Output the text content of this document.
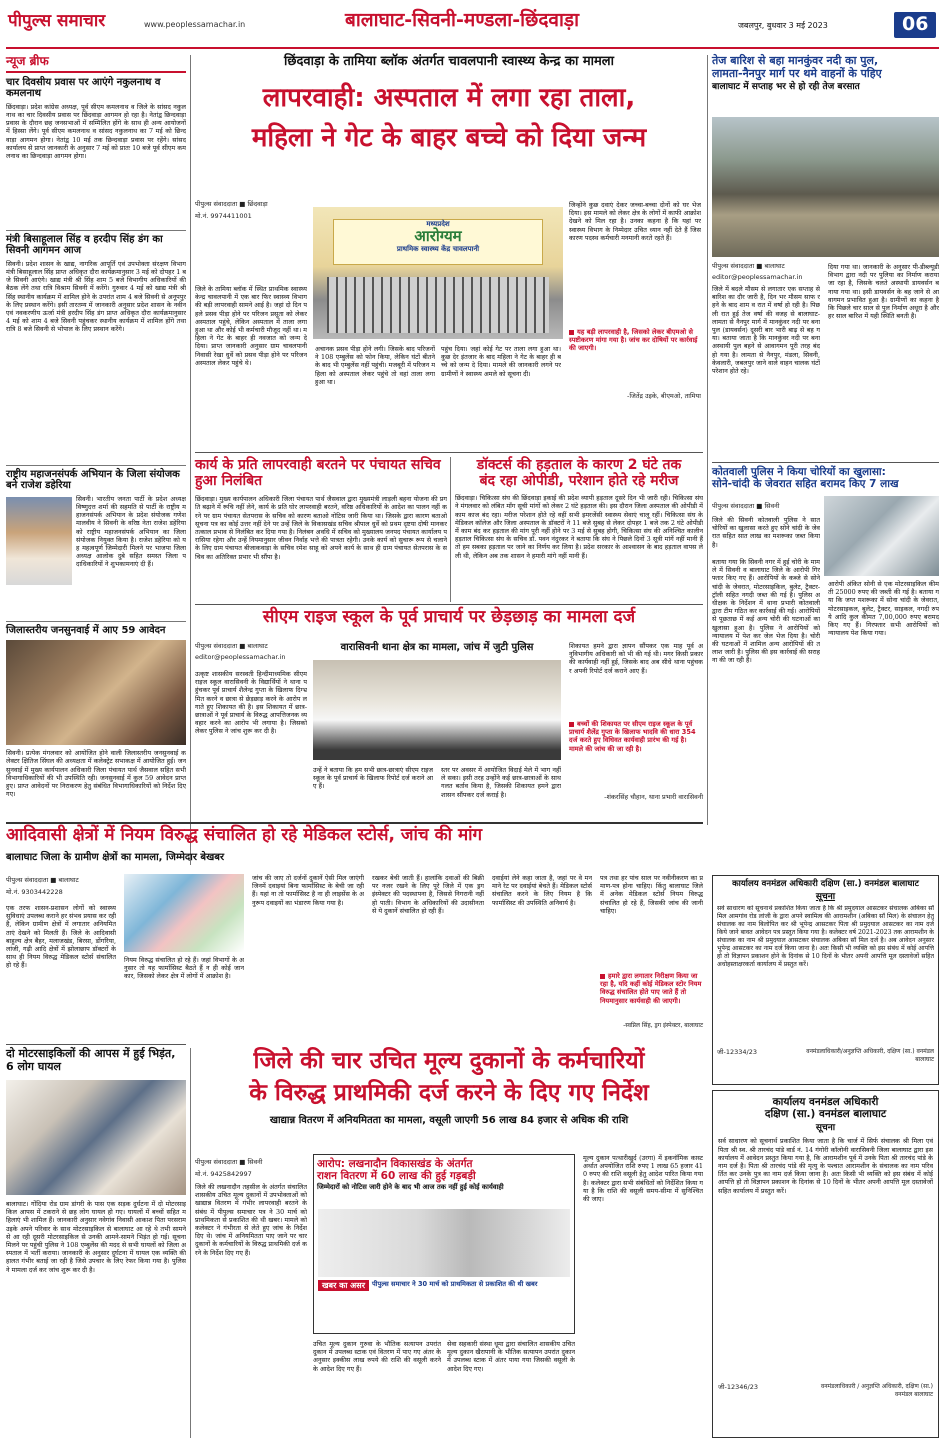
पीपुल्स समाचार	www.peoplessamachar.in	बालाघाट-सिवनी-मण्डला-छिंदवाड़ा	जबलपुर, बुधवार 3 मई 2023	06
न्यूज ब्रीफ
चार दिवसीय प्रवास पर आएंगे नकुलनाथ व कमलनाथ
छिंदवाड़ा। प्रदेश कांग्रेस अध्यक्ष, पूर्व सीएम कमलनाथ व जिले के सांसद नकुलनाथ का चार दिवसीय प्रवास पर छिंदवाड़ा आगमन हो रहा है। नेतांद्व छिन्दवाड़ा प्रवास के दौरान छह जनसभाओं में सम्मिलित होंगे के साथ ही अन्य आयोजनों में हिस्सा लेंगे। पूर्व सीएम कमलनाथ व सांसद नकुलनाथ का 7 मई को छिन्दवाड़ा आगमन होगा। नेतांद्व 10 मई तक छिन्दवाड़ा प्रवास पर रहेंगे। सांसद कार्यालय से प्राप्त जानकारी के अनुसार 7 मई को प्रातः 10 बजे पूर्व सीएम कमलनाथ का छिन्दवाड़ा आगमन होगा।
मंत्री बिसाहूलाल सिंह व हरदीप सिंह डंग का सिवनी आगमन आज
सिवनी। प्रदेश शासन के खाद्य, नागरिक आपूर्ति एवं उपभोक्ता संरक्षण विभाग मंत्री बिसाहूलाल सिंह प्राप्त अधिकृत दौरा कार्यक्रमानुसार 3 मई को दोपहर 1 बजे सिवनी आएंगे। खाद्य मंत्री श्री सिंह शाम 5 बजे विभागीय अधिकारियों की बैठक लेंगे तथा रात्रि विश्राम सिवनी में करेंगे। गुरुवार 4 मई को खाद्य मंत्री श्री सिंह स्थानीय कार्यक्रम में शामिल होने के उपरांत शाम 4 बजे सिवनी से अनूपपुर के लिए प्रस्थान करेंगे। इसी तारतम्य में जानकारी अनुसार प्रदेश शासन के नवीन एवं नवकरणीय ऊर्जा मंत्री हरदीप सिंह डंग प्राप्त अधिकृत दौरा कार्यक्रमानुसार 4 मई को शाम 4 बजे सिवनी पहुंचकर स्थानीय कार्यक्रम में शामिल होंगे तथा रात्रि 8 बजे सिवनी से भोपाल के लिए प्रस्थान करेंगे।
राष्ट्रीय महाजनसंपर्क अभियान के जिला संयोजक बने राजेश डहेरिया
सिवनी। भारतीय जनता पार्टी के प्रदेश अध्यक्ष विष्णुदत्त शर्मा की सहमति से पार्टी के राष्ट्रीय महाजनसंपर्क अभियान के प्रदेश संयोजक गणेश मालवीय ने सिवनी के वरिष्ठ नेता राजेश डहेरिया को राष्ट्रीय महाजनसंपर्क अभियान का जिला संयोजक नियुक्त किया है। राजेश डहेरिया को यह महत्वपूर्ण जिम्मेदारी मिलने पर भाजपा जिला अध्यक्ष आलोक दुबे सहित समस्त जिला पदाधिकारियों ने शुभकामनाएं दी हैं।
जिलास्तरीय जनसुनवाई में आए 59 आवेदन
सिवनी। प्रत्येक मंगलवार को आयोजित होने वाली जिलास्तरीय जनसुनवाई कलेक्टर क्षितिज सिंघल की अध्यक्षता में कलेक्ट्रेट सभाकक्ष में आयोजित हुई। जनसुनवाई में मुख्य कार्यपालन अधिकारी जिला पंचायत पार्थ जैसवाल सहित सभी विभागाधिकारियों की भी उपस्थिति रही। जनसुनवाई में कुल 59 आवेदन प्राप्त हुए। प्राप्त आवेदनों पर निराकरण हेतु संबंधित विभागाधिकारियों को निर्देश दिए गए।
छिंदवाड़ा के तामिया ब्लॉक अंतर्गत चावलपानी स्वास्थ्य केन्द्र का मामला
लापरवाही: अस्पताल में लगा रहा ताला,
महिला ने गेट के बाहर बच्चे को दिया जन्म
मध्यप्रदेश
आरोग्यम
प्राथमिक स्वास्थ्य केंद्र चावलपानी
पीपुल्स संवाददाता ■ छिंदवाड़ा
मो.नं. 9974411001
जिले के तामिया ब्लॉक में स्थित प्राथमिक स्वास्थ्य केन्द्र चावलपानी में एक बार फिर स्वास्थ्य विभाग की बड़ी लापरवाही सामने आई है। जहां दो दिन पहले प्रसव पीड़ा होने पर परिजन प्रसूता को लेकर अस्पताल पहुंचे, लेकिन अस्पताल में ताला लगा हुआ था और कोई भी कर्मचारी मौजूद नहीं था। महिला ने गेट के बाहर ही नवजात को जन्म दे दिया। प्राप्त जानकारी अनुसार ग्राम चावलपानी निवासी रेखा धुर्वे को प्रसव पीड़ा होने पर परिजन अस्पताल लेकर पहुंचे थे।
अचानक प्रसव पीड़ा होने लगी। जिसके बाद परिजनों ने 108 एम्बुलेंस को फोन किया, लेकिन घंटों बीतने के बाद भी एम्बुलेंस नहीं पहुंची। मजबूरी में परिजन महिला को अस्पताल लेकर पहुंचे तो वहां ताला लगा हुआ था।
पहुंच दिया। जहां कोई गेट पर ताला लगा हुआ था। कुछ देर इंतजार के बाद महिला ने गेट के बाहर ही बच्चे को जन्म दे दिया। मामले की जानकारी लगने पर ग्रामीणों ने स्वास्थ्य अमले को सूचना दी।
जिन्होंने कुछ दवाएं देकर जच्चा-बच्चा दोनों को घर भेज दिया। इस मामले को लेकर क्षेत्र के लोगों में काफी आक्रोश देखने को मिल रहा है। उनका कहना है कि यहां पर स्वास्थ्य विभाग के निम्मेदार उचित ध्यान नहीं देते हैं जिस कारण पदस्थ कर्मचारी मनमानी करते रहते हैं।
यह बड़ी लापरवाही है, जिसको लेकर बीएमओ से स्पष्टीकरण मांगा गया है। जांच कर दोषियों पर कार्रवाई की जाएगी।
-जितेंद्र उइके, बीएमओ, तामिया
कार्य के प्रति लापरवाही बरतने पर पंचायत सचिव हुआ निलंबित
छिंदवाड़ा। मुख्य कार्यपालन अधिकारी जिला पंचायत पार्थ जैसवाल द्वारा मुख्यमंत्री लाड़ली बहना योजना की प्रगति बढ़ाने में रूचि नहीं लेने, कार्य के प्रति घोर लापरवाही बरतने, वरिष्ठ अधिकारियों के आदेश का पालन नहीं करने पर ग्राम पंचायत सेतपरास के सचिव को कारण बताओ नोटिस जारी किया था। जिसके द्वारा कारण बताओ सूचना पत्र का कोई उत्तर नहीं देने पर उन्हें जिले के विकासखंड सचिव श्रीपाल धुर्वे को प्रथम दृष्टया दोषी मानकर तत्काल प्रभाव से निलंबित कर दिया गया है। निलंबन अवधि में सचिव को मुख्यालय जनपद पंचायत कार्यालय परासिया रहेगा और उन्हें नियमानुसार जीवन निर्वाह भत्ते की पात्रता रहेगी। उनके कार्य को सुचारू रूप से चलाने के लिए ग्राम पंचायत बीजाकवाड़ा के सचिव रमेश साहू को अपने कार्य के साथ ही ग्राम पंचायत सेतपरास के सचिव का अतिरिक्त प्रभार भी सौंपा है।
डॉक्टर्स की हड़ताल के कारण 2 घंटे तक
बंद रहा ओपीडी, परेशान होते रहे मरीज
छिंदवाड़ा। चिकित्सा संघ की छिंदवाड़ा इकाई की प्रदेश व्यापी हड़ताल दूसरे दिन भी जारी रही। चिकित्सा संघ ने मंगलवार को लंबित माँग सूची मांगों को लेकर 2 घंटे हड़ताल की। इस दौरान जिला अस्पताल की ओपीडी में काम काज बंद रहा। मरीज परेशान होते रहे वहीं सभी इमरजेंसी स्वास्थ्य सेवाएं चालू रहीं। चिकित्सा संघ के मेडिकल कॉलेज और जिला अस्पताल के डॉक्टरों ने 11 बजे सुबह से लेकर दोपहर 1 बजे तक 2 घंटे ओपीडी में काम बंद कर हड़ताल की मांग पूरी नहीं होने पर 3 मई से सुबह होगी, चिकित्सा संघ की अनिश्चित कालीन हड़ताल चिकित्सा संघ के सचिव डॉ. पवन नंदुरकर ने बताया कि संघ ने पिछले दिनों 3 सूत्री मांगें नहीं मानी हैं तो हम सबका हड़ताल पर जाने का निर्णय कर लिया है। प्रदेश सरकार के आश्वासन के बाद हड़ताल वापस ले ली थी, लेकिन अब तक शासन ने हमारी मांगे नहीं मानी हैं।
सीएम राइज स्कूल के पूर्व प्राचार्य पर छेड़छाड़ का मामला दर्ज
पीपुल्स संवाददाता ■ बालाघाट
editor@peoplessamachar.in
वारासिवनी थाना क्षेत्र का मामला, जांच में जुटी पुलिस
उत्कृष्ट शासकीय सरस्वती हिन्दीमाध्यमिक सीएम राइज स्कूल वारासिवनी के विद्यार्थियों ने थाना पहुंचकर पूर्व प्राचार्य शैलेन्द्र गुप्ता के खिलाफ दिग्भ्रमित करने व छात्रा से छेड़छाड़ करने के आरोप लगाते हुए शिकायत की है। इस शिकायत में छात्र-छात्राओं ने पूर्व प्राचार्य के विरुद्ध आपत्तिजनक व्यवहार करने का आरोप भी लगाया है। जिसको लेकर पुलिस ने जांच शुरू कर दी है।
उन्हें ने बताया कि हम सभी छात्र-छात्राएं सीएम राइज स्कूल के पूर्व प्राचार्य के खिलाफ रिपोर्ट दर्ज कराने आए हैं।
स्तर पर अवसर में आयोजित विदाई मेले में भाग नहीं ले सका। इसी तरह उन्होंने कई छात्र-छात्राओं के साथ गलत बर्ताव किया है, जिसकी शिकायत हमने द्वारा शासन सौंपकर दर्ज कराई है।
शिकायत हमने द्वारा ज्ञापन सौंपकर एक माह पूर्व अनुविभागीय अधिकारी को भी की गई थी। मगर किसी प्रकार की कार्यवाही नहीं हुई, जिसके बाद अब सीधे थाना पहुंचकर अपनी रिपोर्ट दर्ज कराने आए हैं।
बच्चों की शिकायत पर सीएम राइज स्कूल के पूर्व प्राचार्य शैलेंद्र गुप्ता के खिलाफ भादवि की धारा 354 दर्ज करते हुए विधिवत कार्यवाही प्रारंभ की गई है। मामले की जांच की जा रही है।
-शंकरसिंह चौहान, थाना प्रभारी वारासिवनी
तेज बारिश से बहा मानकुंवर नदी का पुल,
लामता-नैनपुर मार्ग पर थमे वाहनों के पहिए
बालाघाट में सप्ताह भर से हो रही तेज बरसात
पीपुल्स संवाददाता ■ बालाघाट
editor@peoplessamachar.in
जिले में बदले मौसम से लगातार एक सप्ताह से बारिश का दौर जारी है, दिन भर मौसम साफ रहने के बाद शाम व रात में वर्षा हो रही है। पिछली रात हुई तेज वर्षा की वजह से बालाघाट-लामता से नैनपुर मार्ग में मानकुंवर नदी पर बना पुल (डायवर्सन) दूसरी बार भारी बाढ़ से बह गया। बताया जाता है कि मानकुंवर नदी पर बना अस्थायी पुल बहने से आवागमन पूरी तरह बंद हो गया है। लामता से नैनपुर, मंडला, सिवनी, केवलारी, जबलपुर जाने वाले वाहन चालक घंटों परेशान होते रहे।
दिया गया था। जानकारी के अनुसार पी-डीब्ल्यूडी विभाग द्वारा नदी पर पुलिया का निर्माण कराया जा रहा है, जिसके चलते अस्थायी डायवर्सन बनाया गया था। इसी डायवर्सन के बह जाने से आवागमन प्रभावित हुआ है। ग्रामीणों का कहना है कि पिछले चार साल से पुल निर्माण अधूरा है और हर साल बारिश में यही स्थिति बनती है।
कोतवाली पुलिस ने किया चोरियों का खुलासा:
सोने-चांदी के जेवरात सहित बरामद किए 7 लाख
पीपुल्स संवाददाता ■ सिवनी
जिले की सिवनी कोतवाली पुलिस ने सात चोरियों का खुलासा करते हुए सोने चांदी के जेवरात सहित सात लाख का मशरूका जब्त किया है।
बताया गया कि सिवनी नगर में हुई चोरी के मामले में सिवनी व बालाघाट जिले के आरोपी गिरफ्तार किए गए हैं। आरोपियों के कब्जे से सोने चांदी के जेवरात, मोटरसाइकिल, बुलेट, ट्रैक्टर-ट्रॉली सहित नगदी जब्त की गई है। पुलिस अधीक्षक के निर्देशन में थाना प्रभारी कोतवाली द्वारा टीम गठित कर कार्रवाई की गई। आरोपियों से पूछताछ में कई अन्य चोरी की घटनाओं का खुलासा हुआ है। पुलिस ने आरोपियों को न्यायालय में पेश कर जेल भेज दिया है। चोरी की घटनाओं में शामिल अन्य आरोपियों की तलाश जारी है। पुलिस की इस कार्रवाई की सराहना की जा रही है।
आरोपी अंकित सोनी से एक मोटरसाइकिल कीमती 25000 रुपए की जब्ती की गई है। बताया गया कि जप्त मशरूका में सोना चांदी के जेवरात, मोटरसाइकल, बुलेट, ट्रैक्टर, साइकल, नगदी रुपये आदि कुल कीमत 7,00,000 रुपए बरामद किए गए हैं। गिरफ्तार सभी आरोपियों को न्यायालय पेश किया गया।
आदिवासी क्षेत्रों में नियम विरुद्ध संचालित हो रहे मेडिकल स्टोर्स, जांच की मांग
बालाघाट जिला के ग्रामीण क्षेत्रों का मामला, जिम्मेदार बेखबर
पीपुल्स संवाददाता ■ बालाघाट
मो.नं. 9303442228
एक तरफ शासन-प्रशासन लोगों को स्वास्थ्य सुविधाएं उपलब्ध कराने हर संभव प्रयास कर रही है, लेकिन ग्रामीण क्षेत्रों में लगातार अनियमितताएं देखने को मिलती हैं। जिले के आदिवासी बाहुल्य क्षेत्र बैहर, मलाजखंड, बिरसा, डोंगरिया, लांजी, गढ़ी आदि क्षेत्रों में झोलाछाप डॉक्टरों के साथ ही नियम विरुद्ध मेडिकल स्टोर्स संचालित हो रहे हैं।
नियम विरुद्ध संचालित हो रहे हैं। जहां विभागों के अनुसार तो यह फार्मासिस्ट बैठते हैं न ही कोई जानकार, जिसको लेकर क्षेत्र में लोगों में आक्रोश है।
जांच की जाए तो दर्जनों दुकानें ऐसी मिल जाएंगी जिनमें दवाइयां बिना फार्मासिस्ट के बेची जा रही हैं। यहां ना तो फार्मासिस्ट है ना ही लाइसेंस के अनुरूप दवाइयों का भंडारण किया गया है।
रखकर बेची जाती हैं। हालांकि दवाओं की बिक्री पर नजर रखने के लिए पूरे जिले में एक ड्रग इंस्पेक्टर की पदस्थापना है, जिससे निगरानी नहीं हो पाती। विभाग के अधिकारियों की उदासीनता से ये दुकानें संचालित हो रही हैं।
दवाईयां लेने कहा जाता है, जहां पर वे मनमाने रेट पर दवाईयां बेचते हैं। मेडिकल स्टोर्स संचालित करने के लिए नियम है कि फार्मासिस्ट की उपस्थिति अनिवार्य है।
पत्र तथा हर पांच साल पर नवीनीकरण का प्रमाण-पत्र होना चाहिए। किंतु बालाघाट जिले में अनेक मेडिकल स्टोर्स नियम विरुद्ध संचालित हो रहे हैं, जिसकी जांच की जानी चाहिए।
हमारे द्वारा लगातार निरीक्षण किया जा रहा है, यदि कहीं कोई मेडिकल स्टोर नियम विरुद्ध संचालित होते पाए जाते हैं तो नियमानुसार कार्यवाही की जाएगी।
-स्वप्निल सिंह, ड्रग इंस्पेक्टर, बालाघाट
कार्यालय वनमंडल अधिकारी दक्षिण (सा.) वनमंडल बालाघाट
सूचना
सर्व साधारण को सूचनार्थ प्रकाशित किया जाता है कि श्री प्रमुदयाल आसटकर संचालक अबिका सॉ मिल आमगांव रोड लांजी के द्वारा अपने स्वामित्व की आरामशीन (अबिका सॉ मिल) के संचालन हेतु संचालक का नाम बिलोपित कर श्री भूपेन्द्र आसटकर पिता श्री प्रमुदयाल आसटकर का नाम दर्ज किये जाने बावत आवेदन पत्र प्रस्तुत किया गया है। कलेक्टर वर्ष 2021-2023 तक आरामशीन के संचालक का नाम श्री प्रमुदयाल आसटकर संचालक अबिका सॉ मिल दर्ज है। अब आवेदन अनुसार भूपेन्द्र आसटकर का नाम दर्ज किया जाना है। अतः किसी भी व्यक्ति को इस संबंध में कोई आपत्ति हो तो विज्ञापन प्रकाशन होने के दिनांक से 10 दिनों के भीतर अपनी आपत्ति मूल दस्तावेजों सहित अधोहस्ताक्षरकर्ता कार्यालय में प्रस्तुत करें।
जी-12334/23	वनमंडलाधिकारी/अनुज्ञप्ति अधिकारी, दक्षिण (सा.) वनमंडल बालाघाट
दो मोटरसाइकिलों की आपस में हुई भिड़ंत, 6 लोग घायल
बालाघाट। गोंदिया रोड ग्राम डांगरी के पास एक सड़क दुर्घटना में दो मोटरसाइकिल आपस में टकराने से छह लोग घायल हो गए। घायलों में बच्चों सहित महिलाएं भी शामिल हैं। जानकारी अनुसार नवेगांव निवासी आकाश पिता परसराम उइके अपने परिवार के साथ मोटरसाइकिल से बालाघाट आ रहे थे तभी सामने से आ रही दूसरी मोटरसाइकिल से उनकी आमने-सामने भिड़ंत हो गई। सूचना मिलने पर पहुंची पुलिस ने 108 एम्बुलेंस की मदद से सभी घायलों को जिला अस्पताल में भर्ती कराया। जानकारी के अनुसार दुर्घटना में घायल एक व्यक्ति की हालत गंभीर बताई जा रही है जिसे उपचार के लिए रेफर किया गया है। पुलिस ने मामला दर्ज कर जांच शुरू कर दी है।
जिले की चार उचित मूल्य दुकानों के कर्मचारियों
के विरुद्ध प्राथमिकी दर्ज करने के दिए गए निर्देश
खाद्यान्न वितरण में अनियमितता का मामला, वसूली जाएगी 56 लाख 84 हजार से अधिक की राशि
पीपुल्स संवाददाता ■ सिवनी
मो.नं. 9425842997
आरोप: लखनादौन विकासखंड के अंतर्गत
राशन वितरण में 60 लाख की हुई गड़बड़ी
जिम्मेदारों को नोटिस जारी होने के बाद भी आज तक नहीं हुई कोई कार्यवाही
खबर का असर	पीपुल्स समाचार ने 30 मार्च को प्राथमिकता से प्रकाशित की थी खबर
जिले की लखनादौन तहसील के अंतर्गत संचालित शासकीय उचित मूल्य दुकानों में उपभोक्ताओं को खाद्यान्न वितरण में गंभीर लापरवाही बरतने के संबंध में पीपुल्स समाचार पत्र ने 30 मार्च को प्राथमिकता से प्रकाशित की थी खबर। मामले को कलेक्टर ने गंभीरता से लेते हुए जांच के निर्देश दिए थे। जांच में अनियमितता पाए जाने पर चार दुकानों के कर्मचारियों के विरुद्ध प्राथमिकी दर्ज करने के निर्देश दिए गए हैं।
उचित मूल्य दुकान गुरुवा के भौतिक सत्यापन उपरांत दुकान में उपलब्ध स्टाक एवं वितरण में पाए गए अंतर के अनुसार इक्कीस लाख रुपये की राशि की वसूली करने के आदेश दिए गए हैं।
सेवा सहकारी संस्था धूमा द्वारा संचालित शासकीय उचित मूल्य दुकान खैरापानी के भौतिक सत्यापन उपरांत दुकान में उपलब्ध स्टाक में अंतर पाया गया जिसकी वसूली के आदेश दिए गए।
मूल्य दुकान पत्थारीखुर्द (उरगा) में इकनॉमिक कास्ट अर्थात अपयोजित राशि रुपए 1 लाख 65 हजार 410 रुपए की राशि वसूली हेतु आदेश पारित किया गया है। कलेक्टर द्वारा सभी संबंधितों को निर्देशित किया गया है कि राशि की वसूली समय-सीमा में सुनिश्चित की जाए।
कार्यालय वनमंडल अधिकारी
दक्षिण (सा.) वनमंडल बालाघाट
सूचना
सर्व साधारण को सूचनार्थ प्रकाशित किया जाता है कि चार्ज में सिर्फ संचालक श्री मिला एवं पिता श्री स्व. श्री तारचंद पांडे वार्ड नं. 14 गंगोरी कॉलोनी वारासिवनी जिला बालाघाट द्वारा इस कार्यालय में आवेदन प्रस्तुत किया गया है, कि आरामशीन पूर्व में उनके पिता श्री तारचंद पांडे के नाम दर्ज है। पिता श्री तारचंद पांडे की मृत्यु के पश्चात आरामशीन के संचालक का नाम परिवर्तित कर उनके पुत्र का नाम दर्ज किया जाना है। अतः किसी भी व्यक्ति को इस संबंध में कोई आपत्ति हो तो विज्ञापन प्रकाशन के दिनांक से 10 दिनों के भीतर अपनी आपत्ति मूल दस्तावेजों सहित कार्यालय में प्रस्तुत करें।
जी-12346/23	वनमंडलाधिकारी / अनुज्ञप्ति अधिकारी, दक्षिण (सा.) वनमंडल बालाघाट
